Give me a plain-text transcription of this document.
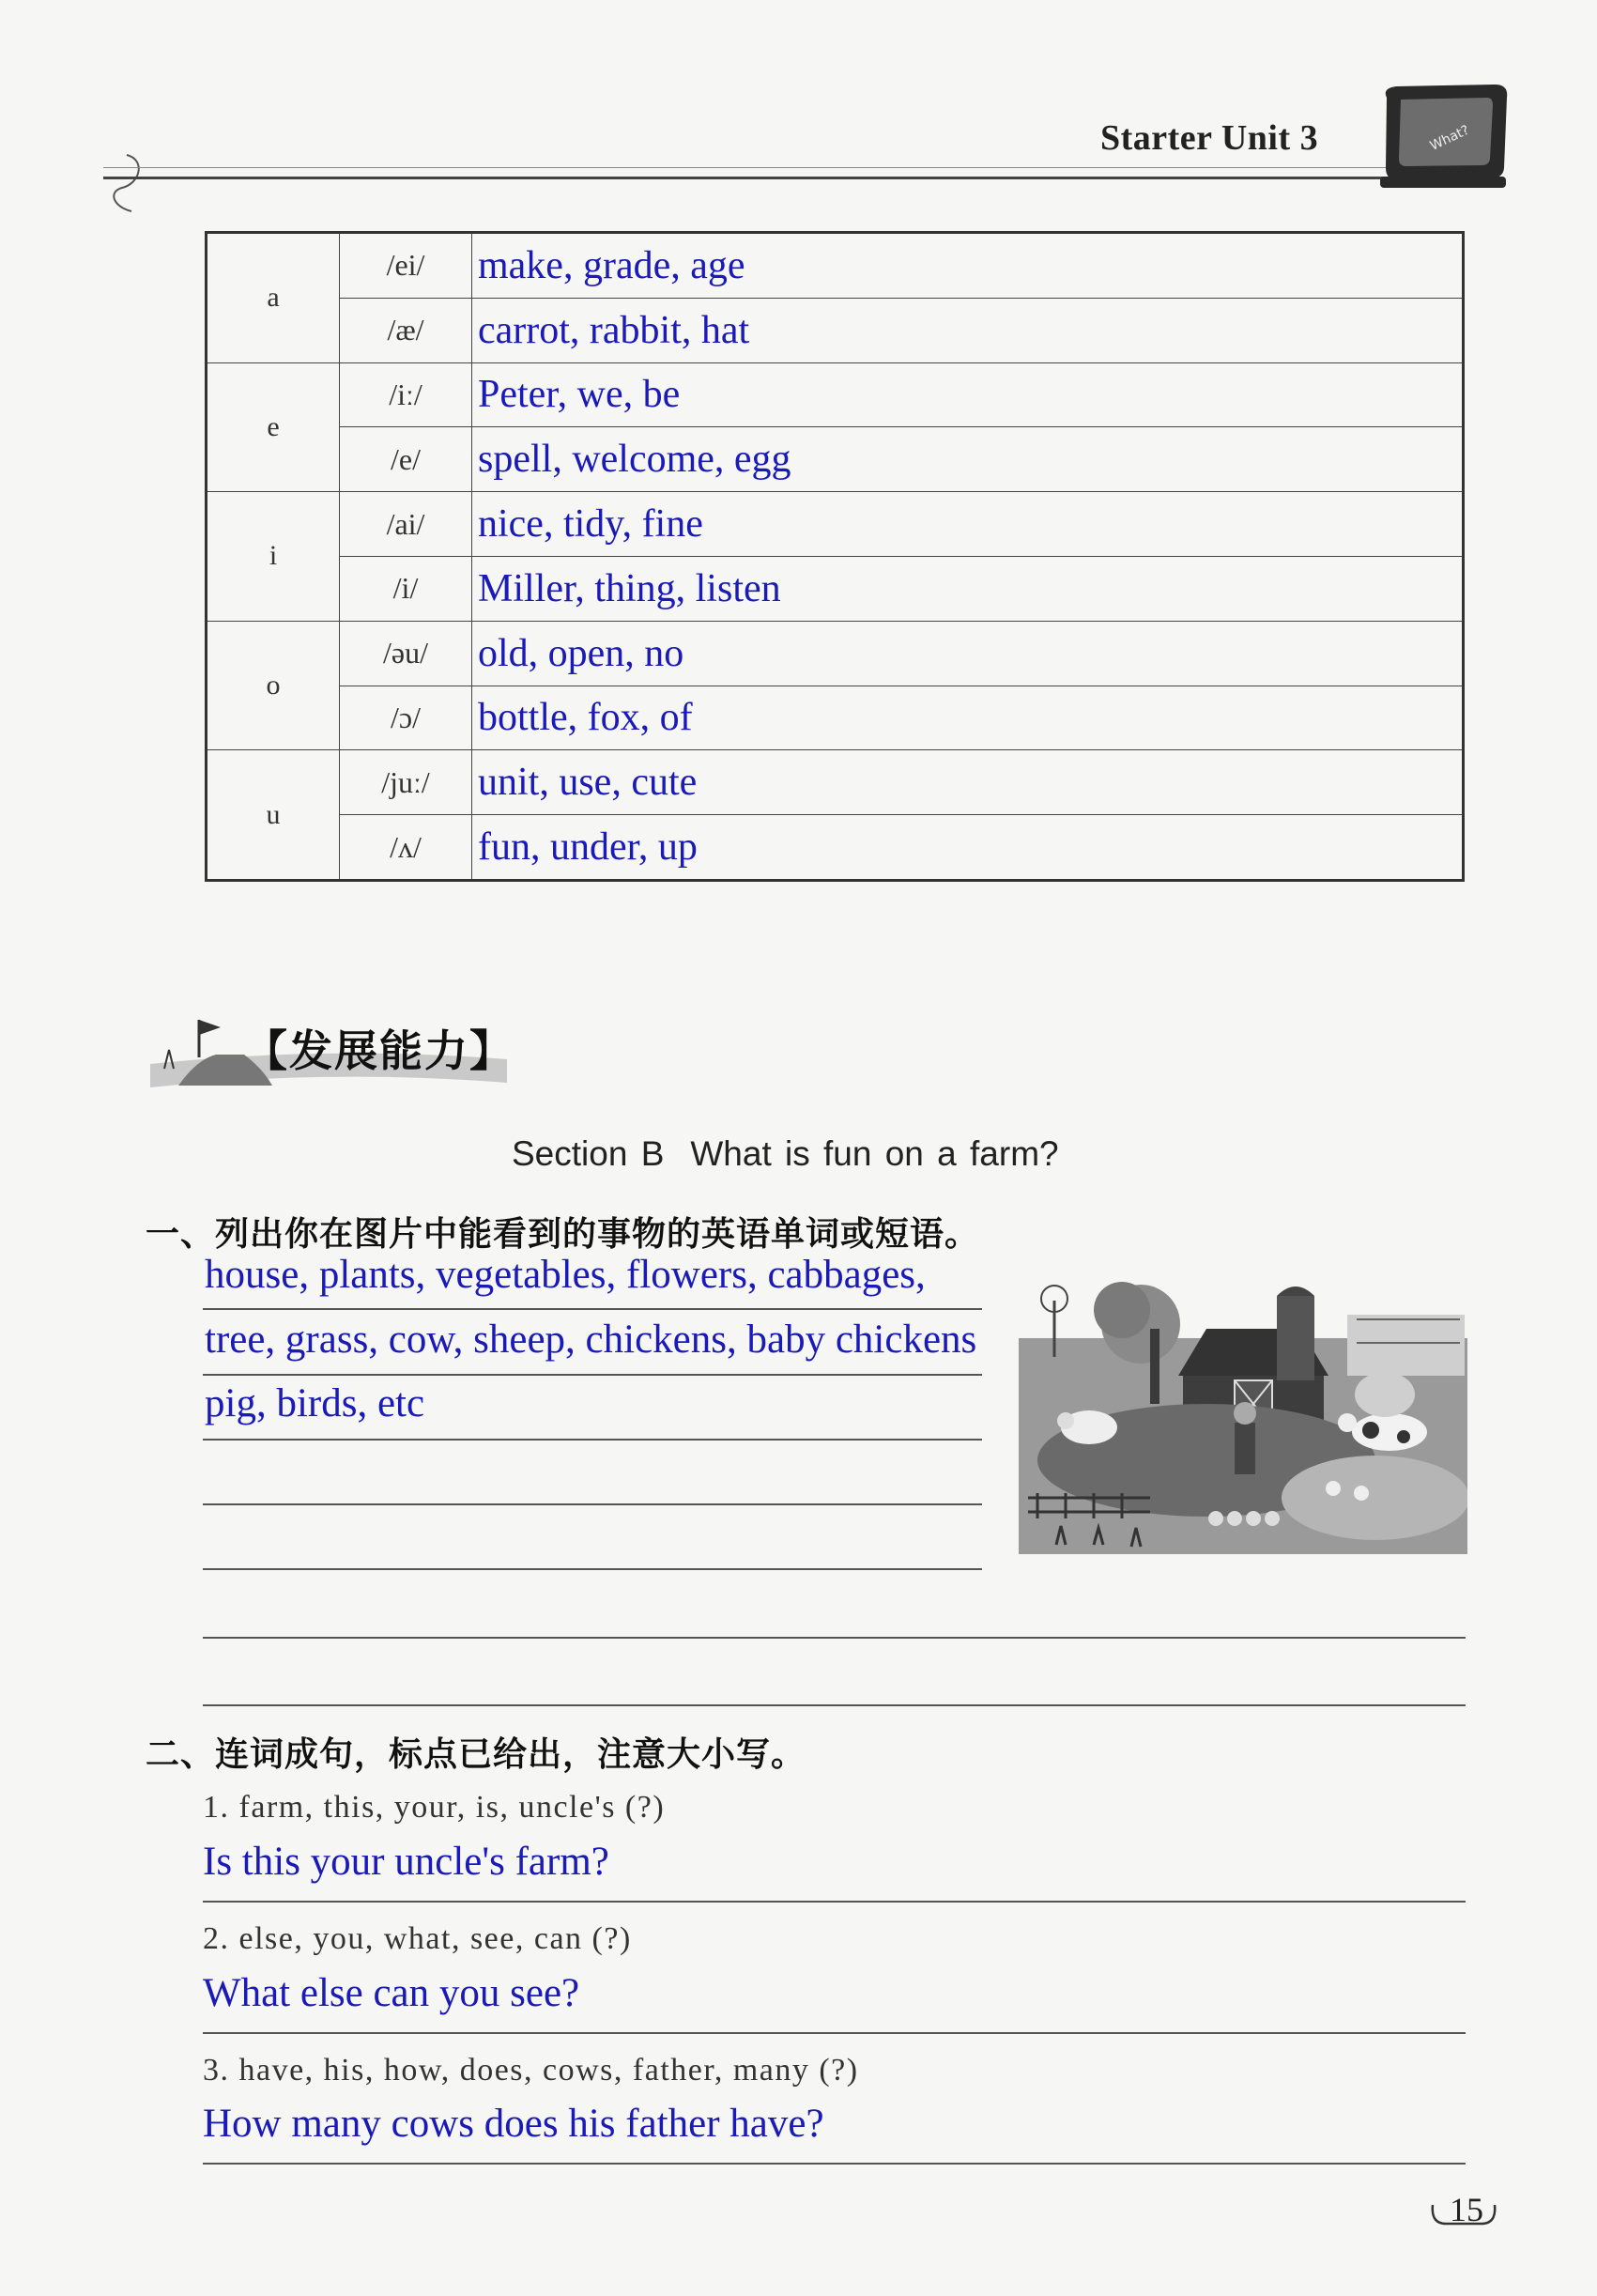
Starter Unit 3	What?
a	/ei/	make, grade, age
	/æ/	carrot, rabbit, hat
e	/iː/	Peter, we, be
	/e/	spell, welcome, egg
i	/ai/	nice, tidy, fine
	/i/	Miller, thing, listen
o	/əu/	old, open, no
	/ɔ/	bottle, fox, of
u	/juː/	unit, use, cute
	/ʌ/	fun, under, up
【发展能力】
Section B What is fun on a farm?
一、列出你在图片中能看到的事物的英语单词或短语。
house, plants, vegetables, flowers, cabbages,
tree, grass, cow, sheep, chickens, baby chickens
pig, birds, etc
二、连词成句，标点已给出，注意大小写。
1. farm, this, your, is, uncle's (?)
Is this your uncle's farm?
2. else, you, what, see, can (?)
What else can you see?
3. have, his, how, does, cows, father, many (?)
How many cows does his father have?
15
